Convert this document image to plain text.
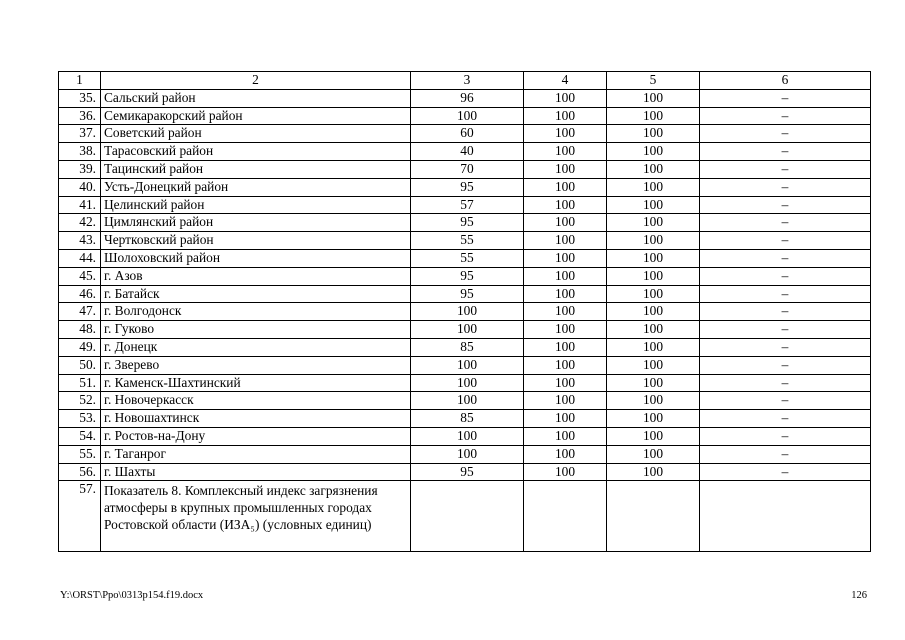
1	2	3	4	5	6
35.	Сальский район	96	100	100	–
36.	Семикаракорский район	100	100	100	–
37.	Советский район	60	100	100	–
38.	Тарасовский район	40	100	100	–
39.	Тацинский район	70	100	100	–
40.	Усть-Донецкий район	95	100	100	–
41.	Целинский район	57	100	100	–
42.	Цимлянский район	95	100	100	–
43.	Чертковский район	55	100	100	–
44.	Шолоховский район	55	100	100	–
45.	г. Азов	95	100	100	–
46.	г. Батайск	95	100	100	–
47.	г. Волгодонск	100	100	100	–
48.	г. Гуково	100	100	100	–
49.	г. Донецк	85	100	100	–
50.	г. Зверево	100	100	100	–
51.	г. Каменск-Шахтинский	100	100	100	–
52.	г. Новочеркасск	100	100	100	–
53.	г. Новошахтинск	85	100	100	–
54.	г. Ростов-на-Дону	100	100	100	–
55.	г. Таганрог	100	100	100	–
56.	г. Шахты	95	100	100	–
57.	Показатель 8. Комплексный индекс загрязнения атмосферы в крупных промышленных городах Ростовской области (ИЗА₅) (условных единиц)				
Y:\ORST\Ppo\0313p154.f19.docx	126
